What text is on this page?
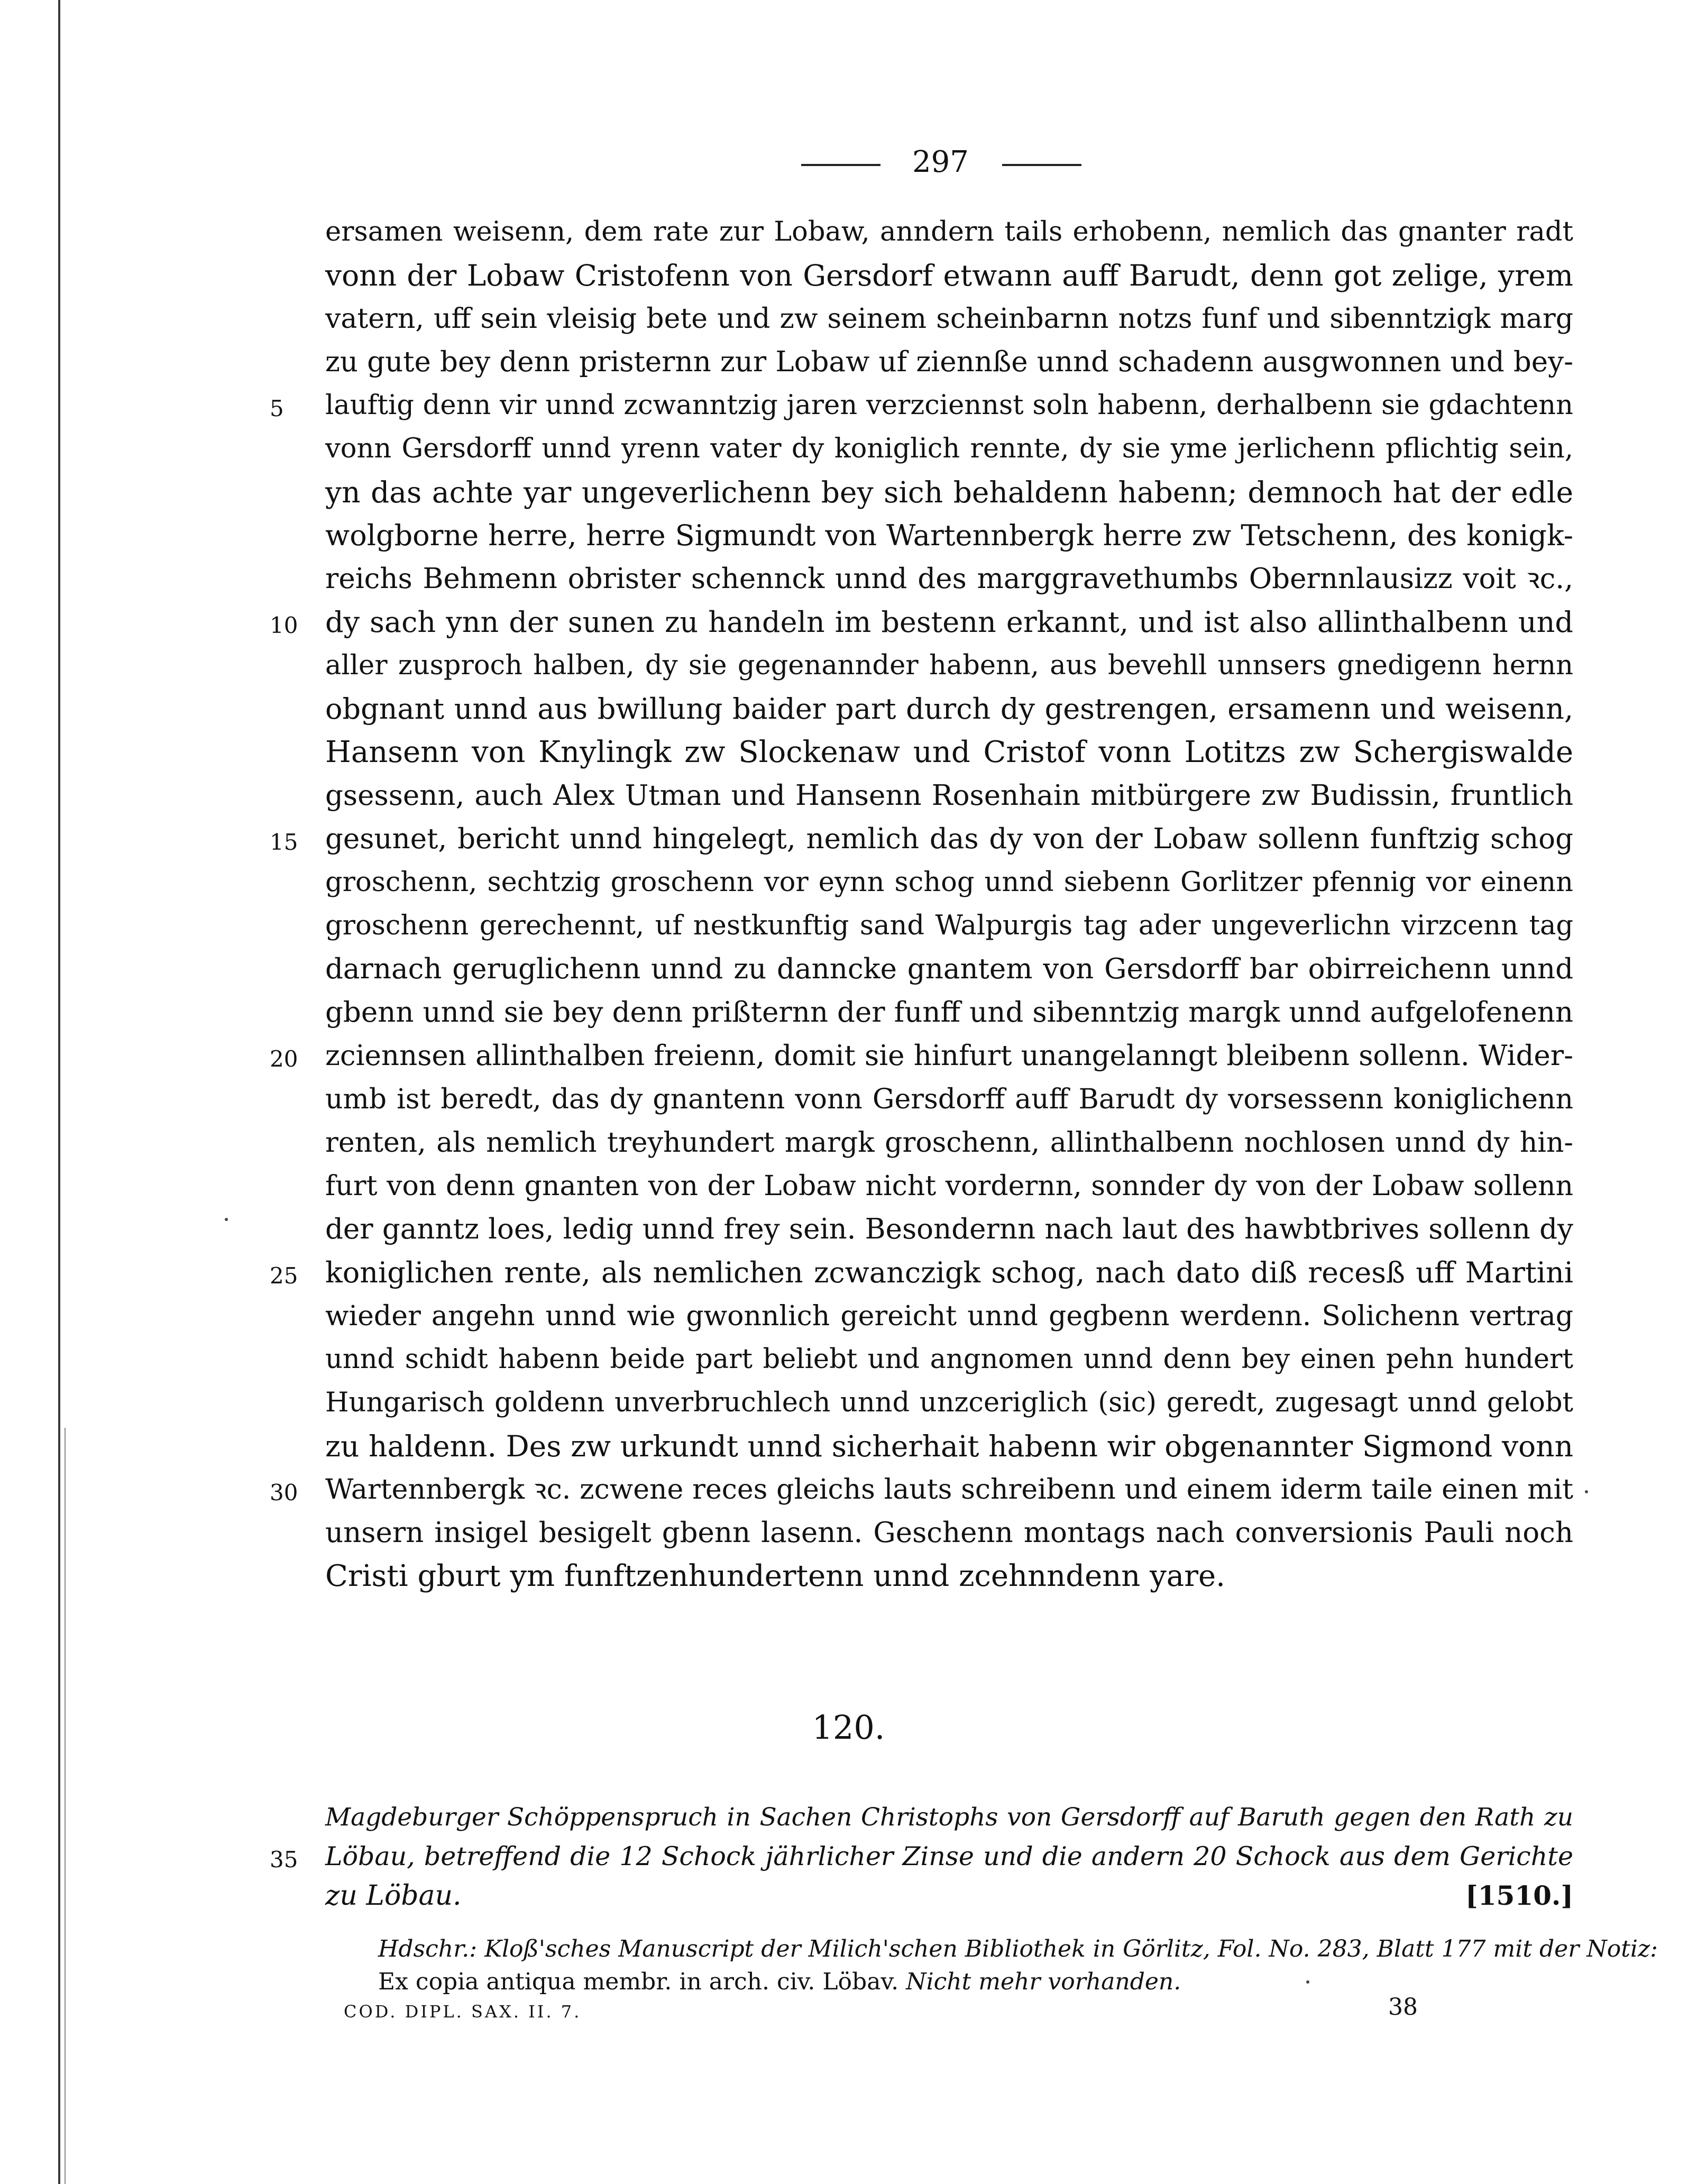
297
ersamen weisenn, dem rate zur Lobaw, anndern tails erhobenn, nemlich das gnanter radt
vonn der Lobaw Cristofenn von Gersdorf etwann auff Barudt, denn got zelige, yrem
vatern, uff sein vleisig bete und zw seinem scheinbarnn notzs funf und sibenntzigk marg
zu gute bey denn pristernn zur Lobaw uf ziennße unnd schadenn ausgwonnen und bey-
5	lauftig denn vir unnd zcwanntzig jaren verzciennst soln habenn, derhalbenn sie gdachtenn
vonn Gersdorff unnd yrenn vater dy koniglich rennte, dy sie yme jerlichenn pflichtig sein,
yn das achte yar ungeverlichenn bey sich behaldenn habenn; demnoch hat der edle
wolgborne herre, herre Sigmundt von Wartennbergk herre zw Tetschenn, des konigk-
reichs Behmenn obrister schennck unnd des marggravethumbs Obernnlausizz voit ꝛc.,
10 dy sach ynn der sunen zu handeln im bestenn erkannt, und ist also allinthalbenn und
aller zusproch halben, dy sie gegenannder habenn, aus bevehll unnsers gnedigenn hernn
obgnant unnd aus bwillung baider part durch dy gestrengen, ersamenn und weisenn,
Hansenn von Knylingk zw Slockenaw und Cristof vonn Lotitzs zw Schergiswalde
gsessenn, auch Alex Utman und Hansenn Rosenhain mitbürgere zw Budissin, fruntlich
15 gesunet, bericht unnd hingelegt, nemlich das dy von der Lobaw sollenn funftzig schog
groschenn, sechtzig groschenn vor eynn schog unnd siebenn Gorlitzer pfennig vor einenn
groschenn gerechennt, uf nestkunftig sand Walpurgis tag ader ungeverlichn virzcenn tag
darnach geruglichenn unnd zu danncke gnantem von Gersdorff bar obirreichenn unnd
gbenn unnd sie bey denn prißternn der funff und sibenntzig margk unnd aufgelofenenn
20 zciennsen allinthalben freienn, domit sie hinfurt unangelanngt bleibenn sollenn. Wider-
umb ist beredt, das dy gnantenn vonn Gersdorff auff Barudt dy vorsessenn koniglichenn
renten, als nemlich treyhundert margk groschenn, allinthalbenn nochlosen unnd dy hin-
furt von denn gnanten von der Lobaw nicht vordernn, sonnder dy von der Lobaw sollenn
der ganntz loes, ledig unnd frey sein. Besondernn nach laut des hawbtbrives sollenn dy
25 koniglichen rente, als nemlichen zcwanczigk schog, nach dato diß recesß uff Martini
wieder angehn unnd wie gwonnlich gereicht unnd gegbenn werdenn. Solichenn vertrag
unnd schidt habenn beide part beliebt und angnomen unnd denn bey einen pehn hundert
Hungarisch goldenn unverbruchlech unnd unzceriglich (sic) geredt, zugesagt unnd gelobt
zu haldenn. Des zw urkundt unnd sicherhait habenn wir obgenannter Sigmond vonn
30 Wartennbergk ꝛc. zcwene reces gleichs lauts schreibenn und einem iderm taile einen mit
unsern insigel besigelt gbenn lasenn. Geschenn montags nach conversionis Pauli noch
Cristi gburt ym funftzenhundertenn unnd zcehnndenn yare.
120.
Magdeburger Schöppenspruch in Sachen Christophs von Gersdorff auf Baruth gegen den Rath zu
35	Löbau, betreffend die 12 Schock jährlicher Zinse und die andern 20 Schock aus dem Gerichte
zu Löbau.	[1510.]
Hdschr.: Kloß'sches Manuscript der Milich'schen Bibliothek in Görlitz, Fol. No. 283, Blatt 177 mit der Notiz:
Ex copia antiqua membr. in arch. civ. Löbav. Nicht mehr vorhanden.
COD. DIPL. SAX. II. 7.	38
